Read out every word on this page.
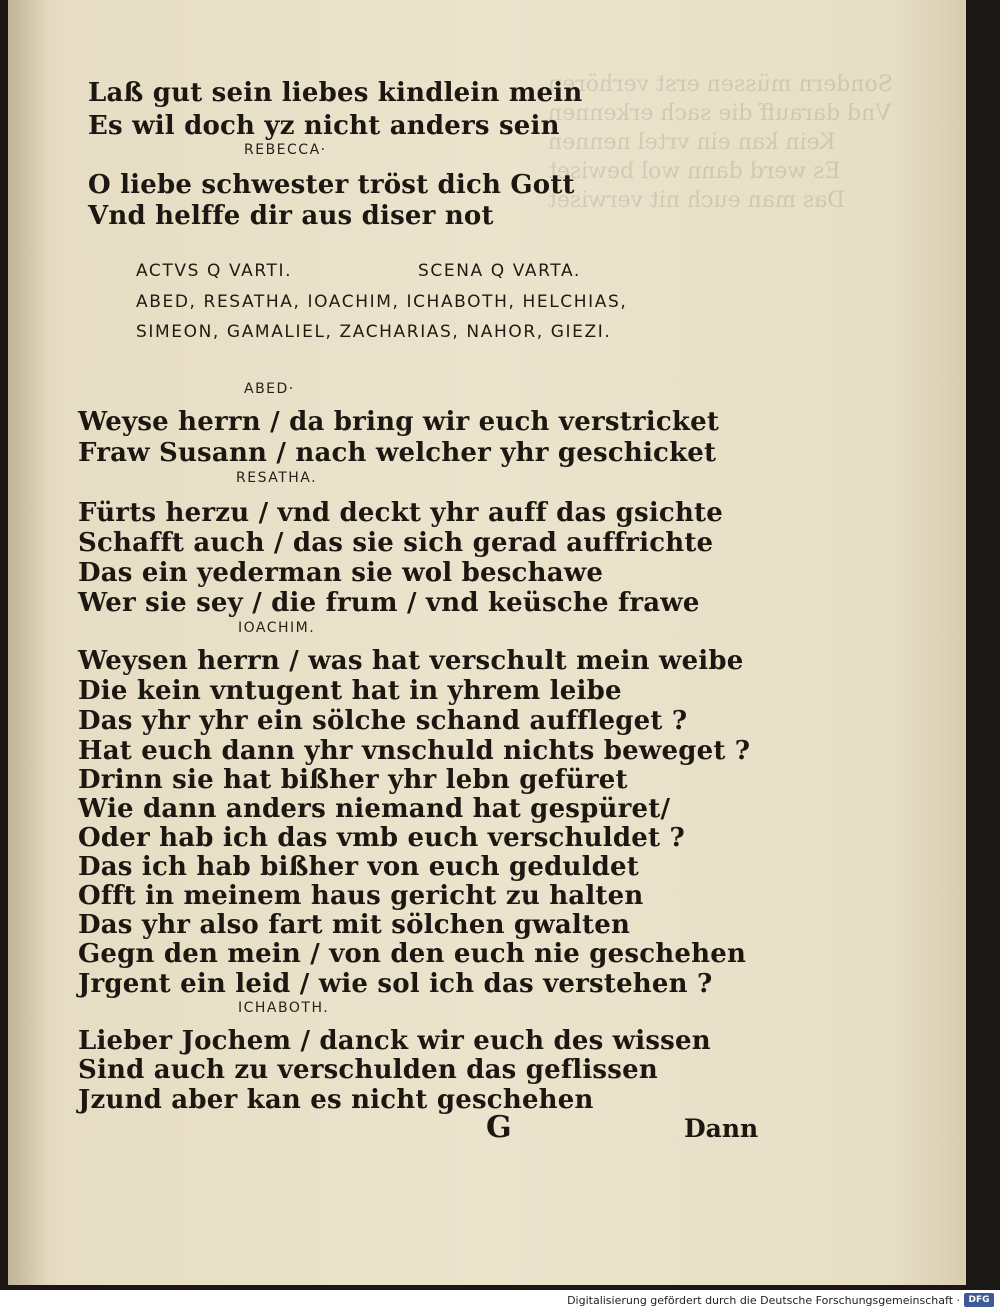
Sondern müssen erst verhören
Vnd darauff die sach erkennen
Kein kan ein vrtel nennen
Es werd dann wol bewiset
Das man euch nit verwiset
Laß gut sein liebes kindlein mein
Es wil doch yz nicht anders sein
REBECCA·
O liebe schwester tröst dich Gott
Vnd helffe dir aus diser not
ACTVS Q VARTI.	SCENA Q VARTA.
ABED, RESATHA, IOACHIM, ICHABOTH, HELCHIAS,
SIMEON, GAMALIEL, ZACHARIAS, NAHOR, GIEZI.
ABED·
Weyse herrn / da bring wir euch verstricket
Fraw Susann / nach welcher yhr geschicket
RESATHA.
Fürts herzu / vnd deckt yhr auff das gsichte
Schafft auch / das sie sich gerad auffrichte
Das ein yederman sie wol beschawe
Wer sie sey / die frum / vnd keüsche frawe
IOACHIM.
Weysen herrn / was hat verschult mein weibe
Die kein vntugent hat in yhrem leibe
Das yhr yhr ein sölche schand auffleget ?
Hat euch dann yhr vnschuld nichts beweget ?
Drinn sie hat bißher yhr lebn gefüret
Wie dann anders niemand hat gespüret/
Oder hab ich das vmb euch verschuldet ?
Das ich hab bißher von euch geduldet
Offt in meinem haus gericht zu halten
Das yhr also fart mit sölchen gwalten
Gegn den mein / von den euch nie geschehen
Jrgent ein leid / wie sol ich das verstehen ?
ICHABOTH.
Lieber Jochem / danck wir euch des wissen
Sind auch zu verschulden das geflissen
Jzund aber kan es nicht geschehen
G	Dann
Digitalisierung gefördert durch die Deutsche Forschungsgemeinschaft · DFG
